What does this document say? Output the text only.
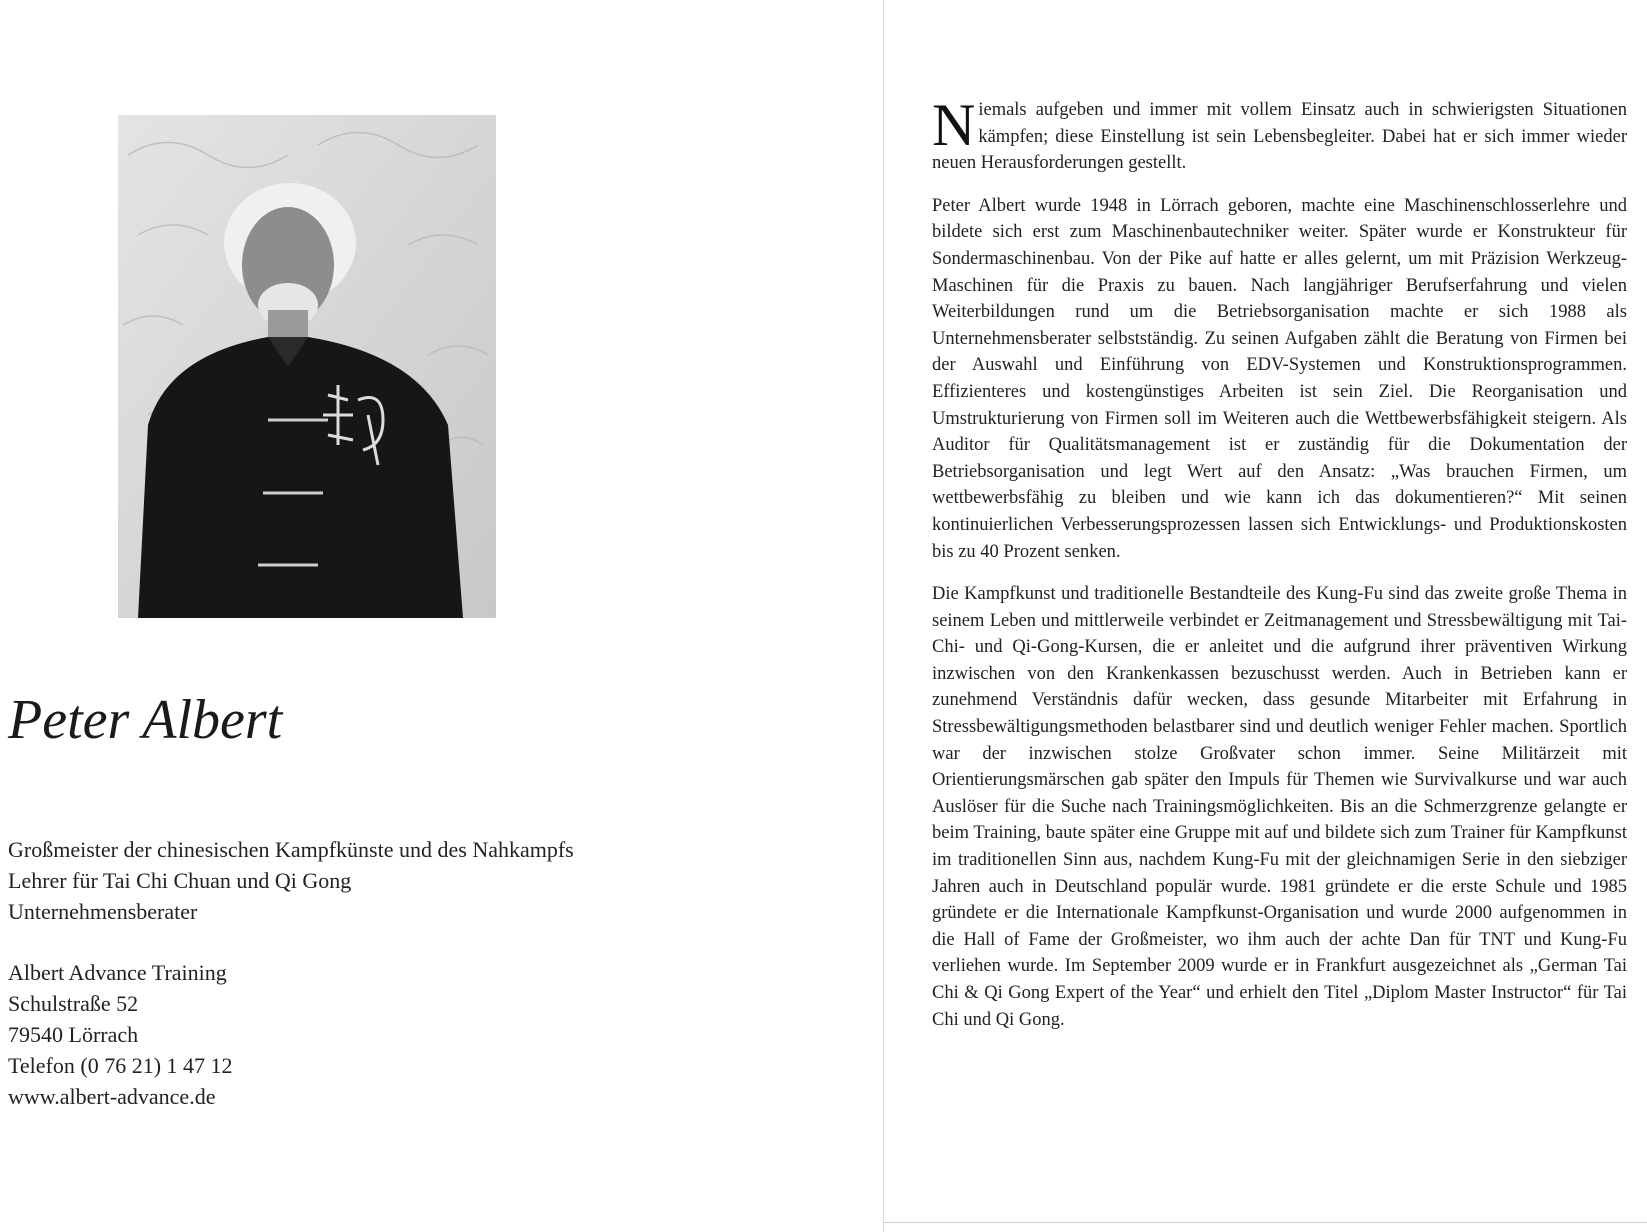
Peter Albert
Großmeister der chinesischen Kampfkünste und des Nahkampfs
Lehrer für Tai Chi Chuan und Qi Gong
Unternehmensberater
Albert Advance Training
Schulstraße 52
79540 Lörrach
Telefon (0 76 21) 1 47 12
www.albert-advance.de

Niemals aufgeben und immer mit vollem Einsatz auch in schwierigsten Situationen kämpfen; diese Einstellung ist sein Lebensbegleiter. Dabei hat er sich immer wieder neuen Herausforderungen gestellt.

Peter Albert wurde 1948 in Lörrach geboren, machte eine Maschinenschlosserlehre und bildete sich erst zum Maschinenbautechniker weiter. Später wurde er Konstrukteur für Sondermaschinenbau. Von der Pike auf hatte er alles gelernt, um mit Präzision Werkzeug-Maschinen für die Praxis zu bauen. Nach langjähriger Berufserfahrung und vielen Weiterbildungen rund um die Betriebsorganisation machte er sich 1988 als Unternehmensberater selbstständig. Zu seinen Aufgaben zählt die Beratung von Firmen bei der Auswahl und Einführung von EDV-Systemen und Konstruktionsprogrammen. Effizienteres und kostengünstiges Arbeiten ist sein Ziel. Die Reorganisation und Umstrukturierung von Firmen soll im Weiteren auch die Wettbewerbsfähigkeit steigern. Als Auditor für Qualitätsmanagement ist er zuständig für die Dokumentation der Betriebsorganisation und legt Wert auf den Ansatz: „Was brauchen Firmen, um wettbewerbsfähig zu bleiben und wie kann ich das dokumentieren?“ Mit seinen kontinuierlichen Verbesserungsprozessen lassen sich Entwicklungs- und Produktionskosten bis zu 40 Prozent senken.

Die Kampfkunst und traditionelle Bestandteile des Kung-Fu sind das zweite große Thema in seinem Leben und mittlerweile verbindet er Zeitmanagement und Stressbewältigung mit Tai-Chi- und Qi-Gong-Kursen, die er anleitet und die aufgrund ihrer präventiven Wirkung inzwischen von den Krankenkassen bezuschusst werden. Auch in Betrieben kann er zunehmend Verständnis dafür wecken, dass gesunde Mitarbeiter mit Erfahrung in Stressbewältigungsmethoden belastbarer sind und deutlich weniger Fehler machen. Sportlich war der inzwischen stolze Großvater schon immer. Seine Militärzeit mit Orientierungsmärschen gab später den Impuls für Themen wie Survivalkurse und war auch Auslöser für die Suche nach Trainingsmöglichkeiten. Bis an die Schmerzgrenze gelangte er beim Training, baute später eine Gruppe mit auf und bildete sich zum Trainer für Kampfkunst im traditionellen Sinn aus, nachdem Kung-Fu mit der gleichnamigen Serie in den siebziger Jahren auch in Deutschland populär wurde. 1981 gründete er die erste Schule und 1985 gründete er die Internationale Kampfkunst-Organisation und wurde 2000 aufgenommen in die Hall of Fame der Großmeister, wo ihm auch der achte Dan für TNT und Kung-Fu verliehen wurde. Im September 2009 wurde er in Frankfurt ausgezeichnet als „German Tai Chi & Qi Gong Expert of the Year“ und erhielt den Titel „Diplom Master Instructor“ für Tai Chi und Qi Gong.
